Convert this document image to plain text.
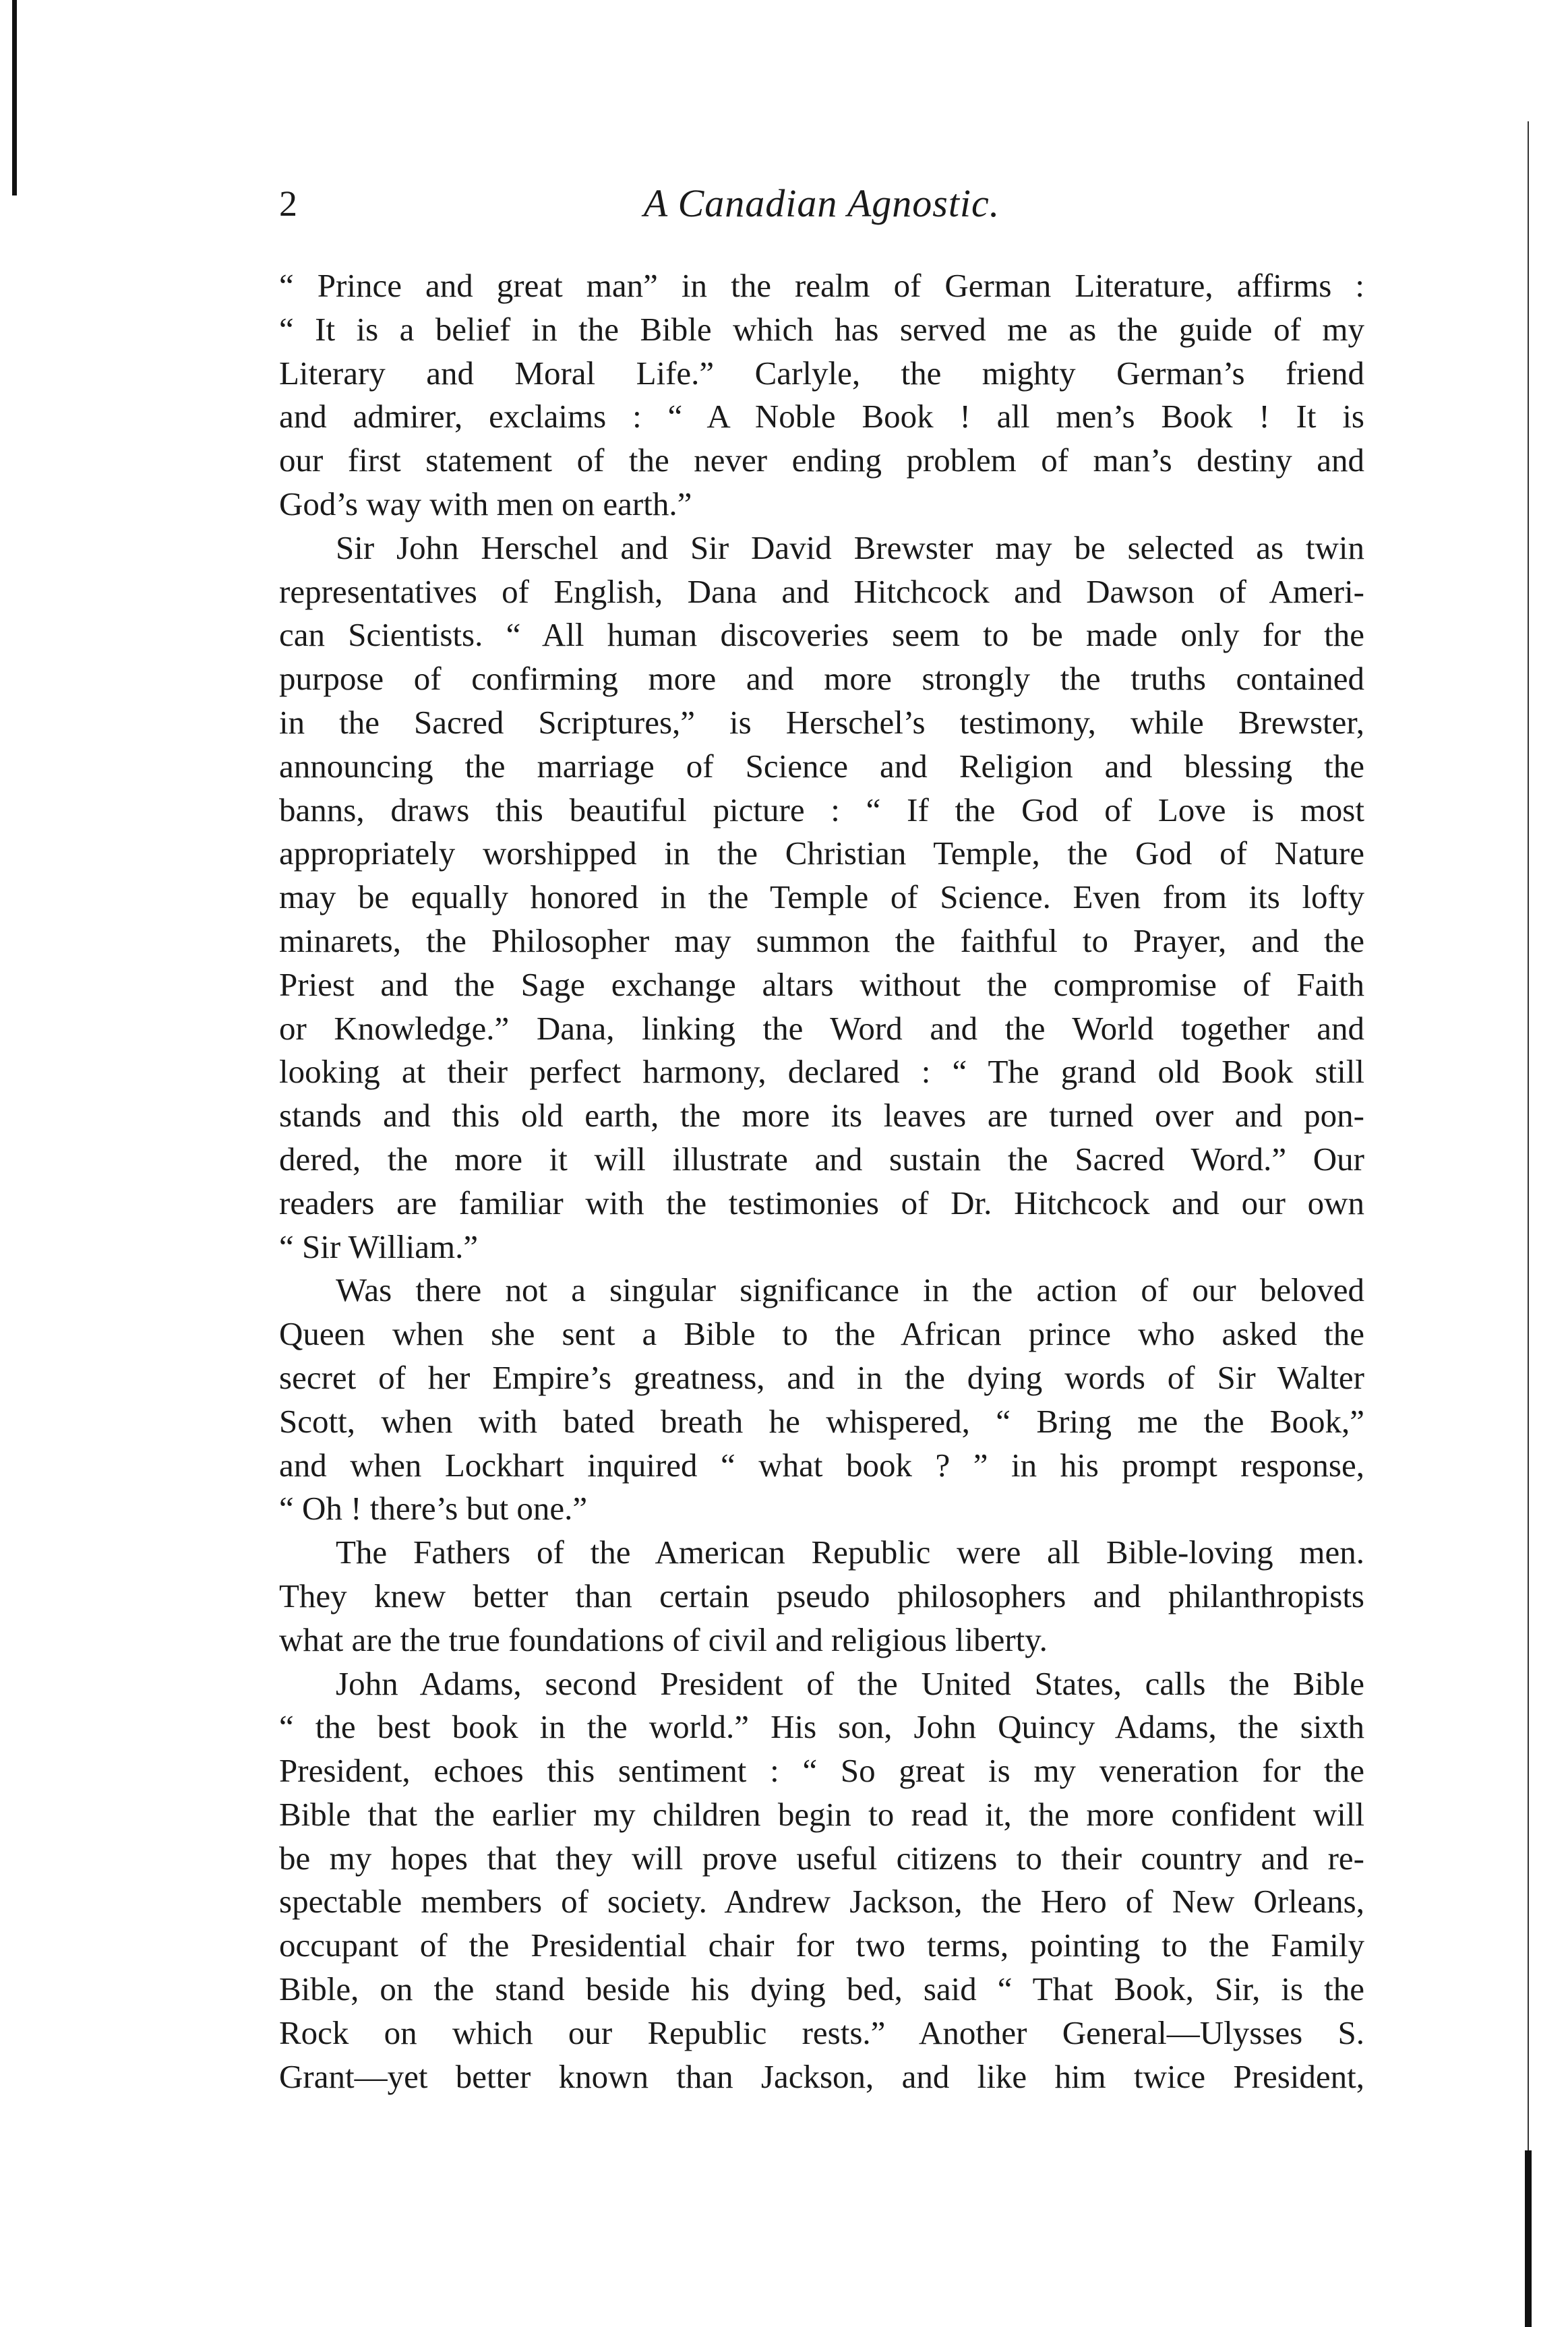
2	A Canadian Agnostic.
“ Prince and great man” in the realm of German Literature, affirms :
“ It is a belief in the Bible which has served me as the guide of my
Literary and Moral Life.” Carlyle, the mighty German’s friend
and admirer, exclaims : “ A Noble Book ! all men’s Book ! It is
our first statement of the never ending problem of man’s destiny and
God’s way with men on earth.”
Sir John Herschel and Sir David Brewster may be selected as twin
representatives of English, Dana and Hitchcock and Dawson of Ameri-
can Scientists. “ All human discoveries seem to be made only for the
purpose of confirming more and more strongly the truths contained
in the Sacred Scriptures,” is Herschel’s testimony, while Brewster,
announcing the marriage of Science and Religion and blessing the
banns, draws this beautiful picture : “ If the God of Love is most
appropriately worshipped in the Christian Temple, the God of Nature
may be equally honored in the Temple of Science. Even from its lofty
minarets, the Philosopher may summon the faithful to Prayer, and the
Priest and the Sage exchange altars without the compromise of Faith
or Knowledge.” Dana, linking the Word and the World together and
looking at their perfect harmony, declared : “ The grand old Book still
stands and this old earth, the more its leaves are turned over and pon-
dered, the more it will illustrate and sustain the Sacred Word.” Our
readers are familiar with the testimonies of Dr. Hitchcock and our own
“ Sir William.”
Was there not a singular significance in the action of our beloved
Queen when she sent a Bible to the African prince who asked the
secret of her Empire’s greatness, and in the dying words of Sir Walter
Scott, when with bated breath he whispered, “ Bring me the Book,”
and when Lockhart inquired “ what book ? ” in his prompt response,
“ Oh ! there’s but one.”
The Fathers of the American Republic were all Bible-loving men.
They knew better than certain pseudo philosophers and philanthropists
what are the true foundations of civil and religious liberty.
John Adams, second President of the United States, calls the Bible
“ the best book in the world.” His son, John Quincy Adams, the sixth
President, echoes this sentiment : “ So great is my veneration for the
Bible that the earlier my children begin to read it, the more confident will
be my hopes that they will prove useful citizens to their country and re-
spectable members of society. Andrew Jackson, the Hero of New Orleans,
occupant of the Presidential chair for two terms, pointing to the Family
Bible, on the stand beside his dying bed, said “ That Book, Sir, is the
Rock on which our Republic rests.” Another General—Ulysses S.
Grant—yet better known than Jackson, and like him twice President,
